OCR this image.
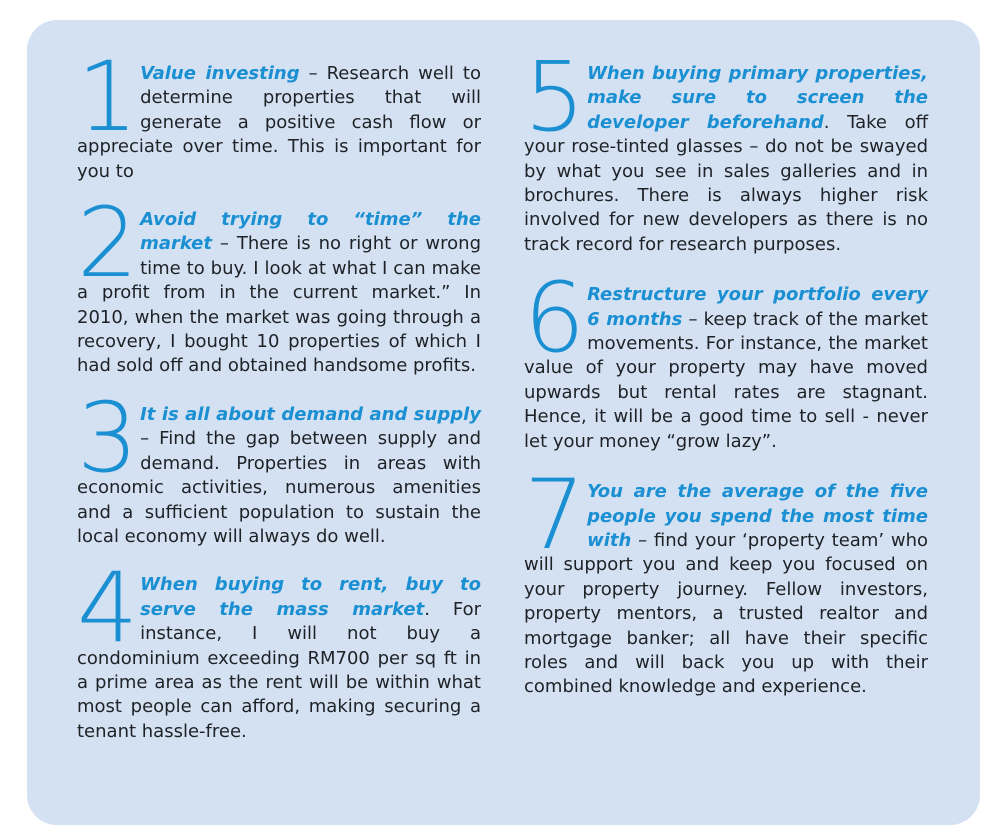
1 Value investing – Research well to determine properties that will generate a positive cash flow or appreciate over time. This is important for you to
2 Avoid trying to “time” the market – There is no right or wrong time to buy. I look at what I can make a profit from in the current market.” In 2010, when the market was going through a recovery, I bought 10 properties of which I had sold off and obtained handsome profits.
3 It is all about demand and supply – Find the gap between supply and demand. Properties in areas with economic activities, numerous amenities and a sufficient population to sustain the local economy will always do well.
4 When buying to rent, buy to serve the mass market. For instance, I will not buy a condominium exceeding RM700 per sq ft in a prime area as the rent will be within what most people can afford, making securing a tenant hassle-free.
5 When buying primary properties, make sure to screen the developer beforehand. Take off your rose-tinted glasses – do not be swayed by what you see in sales galleries and in brochures. There is always higher risk involved for new developers as there is no track record for research purposes.
6 Restructure your portfolio every 6 months – keep track of the market movements. For instance, the market value of your property may have moved upwards but rental rates are stagnant. Hence, it will be a good time to sell - never let your money “grow lazy”.
7 You are the average of the five people you spend the most time with – find your ‘property team’ who will support you and keep you focused on your property journey. Fellow investors, property mentors, a trusted realtor and mortgage banker; all have their specific roles and will back you up with their combined knowledge and experience.
